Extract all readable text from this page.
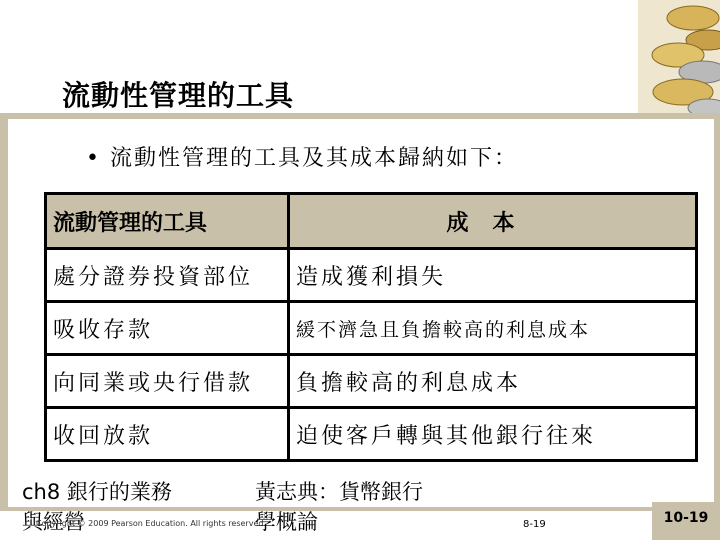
流動性管理的工具
• 流動性管理的工具及其成本歸納如下：
流動管理的工具	成本
處分證券投資部位	造成獲利損失
吸收存款	緩不濟急且負擔較高的利息成本
向同業或央行借款	負擔較高的利息成本
收回放款	迫使客戶轉與其他銀行往來
ch8 銀行的業務
與經營
Copyright © 2009 Pearson Education. All rights reserved.
黃志典：貨幣銀行
學概論	8-19	10-19
